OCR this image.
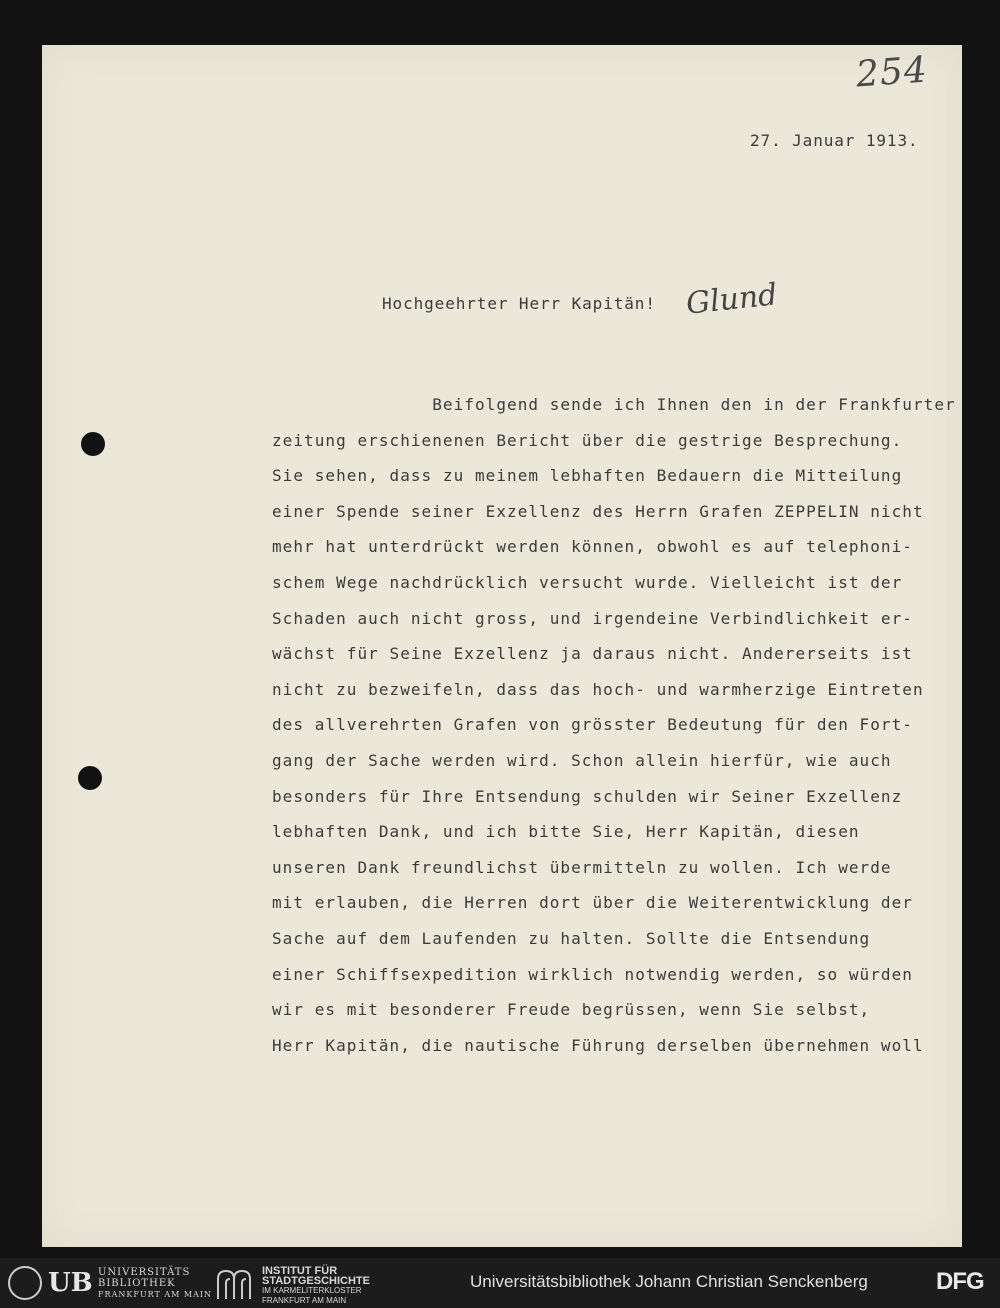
254
27. Januar 1913.
Hochgeehrter Herr Kapitän! Glund
Beifolgend sende ich Ihnen den in der Frankfurter
zeitung erschienenen Bericht über die gestrige Besprechung.
Sie sehen, dass zu meinem lebhaften Bedauern die Mitteilung
einer Spende seiner Exzellenz des Herrn Grafen ZEPPELIN nicht
mehr hat unterdrückt werden können, obwohl es auf telephoni-
schem Wege nachdrücklich versucht wurde. Vielleicht ist der
Schaden auch nicht gross, und irgendeine Verbindlichkeit er-
wächst für Seine Exzellenz ja daraus nicht. Andererseits ist
nicht zu bezweifeln, dass das hoch- und warmherzige Eintreten
des allverehrten Grafen von grösster Bedeutung für den Fort-
gang der Sache werden wird. Schon allein hierfür, wie auch
besonders für Ihre Entsendung schulden wir Seiner Exzellenz
lebhaften Dank, und ich bitte Sie, Herr Kapitän, diesen
unseren Dank freundlichst übermitteln zu wollen. Ich werde
mit erlauben, die Herren dort über die Weiterentwicklung der
Sache auf dem Laufenden zu halten. Sollte die Entsendung
einer Schiffsexpedition wirklich notwendig werden, so würden
wir es mit besonderer Freude begrüssen, wenn Sie selbst,
Herr Kapitän, die nautische Führung derselben übernehmen woll
UB UNIVERSITÄTS
BIBLIOTHEK
FRANKFURT AM MAIN
INSTITUT FÜR
STADTGESCHICHTE
IM KARMELITERKLOSTER
FRANKFURT AM MAIN
Universitätsbibliothek Johann Christian Senckenberg	DFG
